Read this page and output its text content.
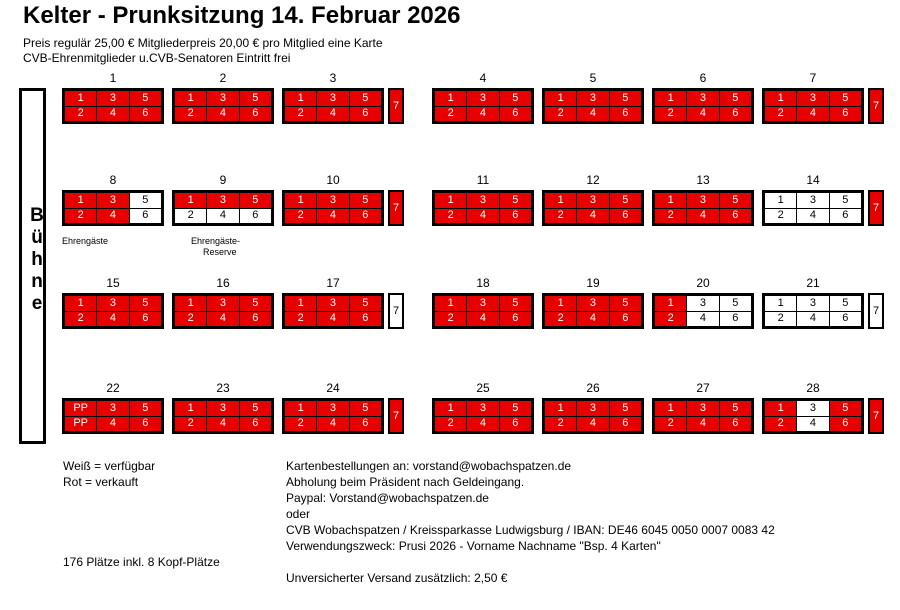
Kelter - Prunksitzung 14. Februar 2026
Preis regulär 25,00 € Mitgliederpreis 20,00 € pro Mitglied eine Karte
CVB-Ehrenmitglieder u.CVB-Senatoren Eintritt frei
B
ü
h
n
e
1
1	3	5
2	4	6
2
1	3	5
2	4	6
3
1	3	5
2	4	6
4
1	3	5
2	4	6
5
1	3	5
2	4	6
6
1	3	5
2	4	6
7
1	3	5
2	4	6
8
1	3	5
2	4	6
9
1	3	5
2	4	6
10
1	3	5
2	4	6
11
1	3	5
2	4	6
12
1	3	5
2	4	6
13
1	3	5
2	4	6
14
1	3	5
2	4	6
15
1	3	5
2	4	6
16
1	3	5
2	4	6
17
1	3	5
2	4	6
18
1	3	5
2	4	6
19
1	3	5
2	4	6
20
1	3	5
2	4	6
21
1	3	5
2	4	6
22
PP	3	5
PP	4	6
23
1	3	5
2	4	6
24
1	3	5
2	4	6
25
1	3	5
2	4	6
26
1	3	5
2	4	6
27
1	3	5
2	4	6
28
1	3	5
2	4	6
7	7
7	7
7	7
7	7
Ehrengäste	Ehrengäste-
Reserve
Weiß = verfügbar
Rot = verkauft
176 Plätze inkl. 8 Kopf-Plätze
Kartenbestellungen an: vorstand@wobachspatzen.de
Abholung beim Präsident nach Geldeingang.
Paypal: Vorstand@wobachspatzen.de
oder
CVB Wobachspatzen / Kreissparkasse Ludwigsburg / IBAN: DE46 6045 0050 0007 0083 42
Verwendungszweck: Prusi 2026 - Vorname Nachname "Bsp. 4 Karten"
Unversicherter Versand zusätzlich: 2,50 €
